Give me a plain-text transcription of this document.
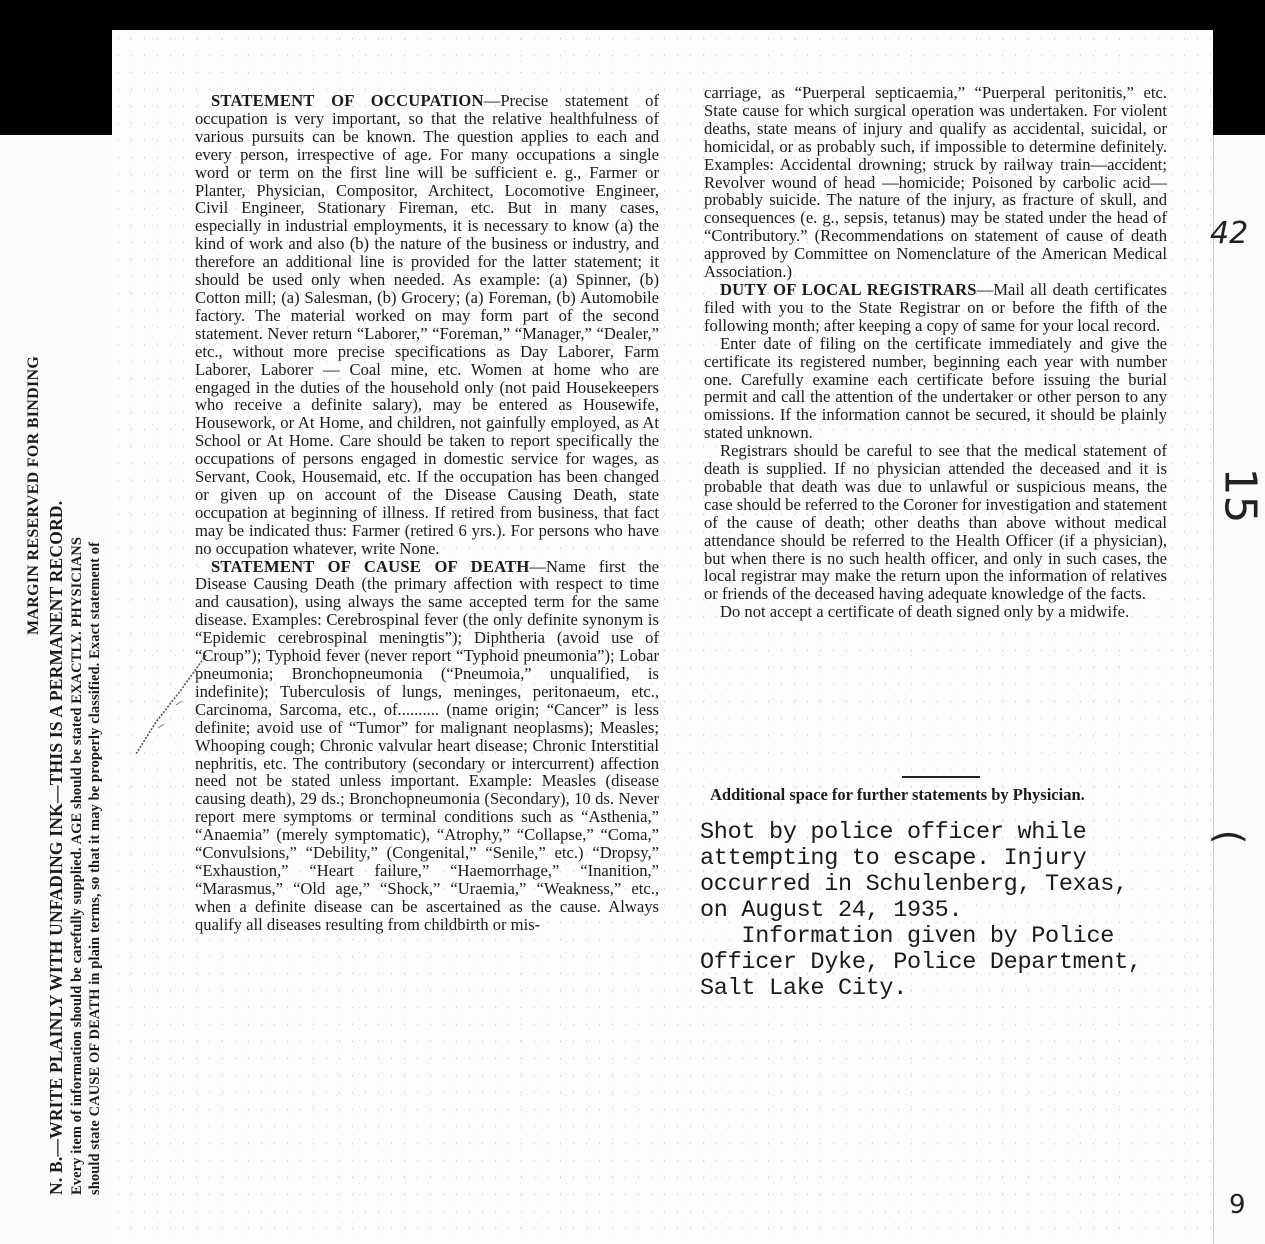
MARGIN RESERVED FOR BINDING
N. B.—WRITE PLAINLY WITH UNFADING INK—THIS IS A PERMANENT RECORD. Every item of information should be carefully supplied. AGE should be stated EXACTLY. PHYSICIANS should state CAUSE OF DEATH in plain terms, so that it may be properly classified. Exact statement of

STATEMENT OF OCCUPATION—Precise statement of occupation is very important, so that the relative healthfulness of various pursuits can be known. The question applies to each and every person, irrespective of age. For many occupations a single word or term on the first line will be sufficient e. g., Farmer or Planter, Physician, Compositor, Architect, Locomotive Engineer, Civil Engineer, Stationary Fireman, etc. But in many cases, especially in industrial employments, it is necessary to know (a) the kind of work and also (b) the nature of the business or industry, and therefore an additional line is provided for the latter statement; it should be used only when needed. As example: (a) Spinner, (b) Cotton mill; (a) Salesman, (b) Grocery; (a) Foreman, (b) Automobile factory. The material worked on may form part of the second statement. Never return “Laborer,” “Foreman,” “Manager,” “Dealer,” etc., without more precise specifications as Day Laborer, Farm Laborer, Laborer — Coal mine, etc. Women at home who are engaged in the duties of the household only (not paid Housekeepers who receive a definite salary), may be entered as Housewife, Housework, or At Home, and children, not gainfully employed, as At School or At Home. Care should be taken to report specifically the occupations of persons engaged in domestic service for wages, as Servant, Cook, Housemaid, etc. If the occupation has been changed or given up on account of the Disease Causing Death, state occupation at beginning of illness. If retired from business, that fact may be indicated thus: Farmer (retired 6 yrs.). For persons who have no occupation whatever, write None.

STATEMENT OF CAUSE OF DEATH—Name first the Disease Causing Death (the primary affection with respect to time and causation), using always the same accepted term for the same disease. Examples: Cerebrospinal fever (the only definite synonym is “Epidemic cerebrospinal meningtis”); Diphtheria (avoid use of “Croup”); Typhoid fever (never report “Typhoid pneumonia”); Lobar pneumonia; Bronchopneumonia (“Pneumoia,” unqualified, is indefinite); Tuberculosis of lungs, meninges, peritonaeum, etc., Carcinoma, Sarcoma, etc., of.......... (name origin; “Cancer” is less definite; avoid use of “Tumor” for malignant neoplasms); Measles; Whooping cough; Chronic valvular heart disease; Chronic Interstitial nephritis, etc. The contributory (secondary or intercurrent) affection need not be stated unless important. Example: Measles (disease causing death), 29 ds.; Bronchopneumonia (Secondary), 10 ds. Never report mere symptoms or terminal conditions such as “Asthenia,” “Anaemia” (merely symptomatic), “Atrophy,” “Collapse,” “Coma,” “Convulsions,” “Debility,” (Congenital,” “Senile,” etc.) “Dropsy,” “Exhaustion,” “Heart failure,” “Haemorrhage,” “Inanition,” “Marasmus,” “Old age,” “Shock,” “Uraemia,” “Weakness,” etc., when a definite disease can be ascertained as the cause. Always qualify all diseases resulting from childbirth or mis-

carriage, as “Puerperal septicaemia,” “Puerperal peritonitis,” etc. State cause for which surgical operation was undertaken. For violent deaths, state means of injury and qualify as accidental, suicidal, or homicidal, or as probably such, if impossible to determine definitely. Examples: Accidental drowning; struck by railway train—accident; Revolver wound of head —homicide; Poisoned by carbolic acid—probably suicide. The nature of the injury, as fracture of skull, and consequences (e. g., sepsis, tetanus) may be stated under the head of “Contributory.” (Recommendations on statement of cause of death approved by Committee on Nomenclature of the American Medical Association.)

DUTY OF LOCAL REGISTRARS—Mail all death certificates filed with you to the State Registrar on or before the fifth of the following month; after keeping a copy of same for your local record.

Enter date of filing on the certificate immediately and give the certificate its registered number, beginning each year with number one. Carefully examine each certificate before issuing the burial permit and call the attention of the undertaker or other person to any omissions. If the information cannot be secured, it should be plainly stated unknown.

Registrars should be careful to see that the medical statement of death is supplied. If no physician attended the deceased and it is probable that death was due to unlawful or suspicious means, the case should be referred to the Coroner for investigation and statement of the cause of death; other deaths than above without medical attendance should be referred to the Health Officer (if a physician), but when there is no such health officer, and only in such cases, the local registrar may make the return upon the information of relatives or friends of the deceased having adequate knowledge of the facts.

Do not accept a certificate of death signed only by a midwife.

Additional space for further statements by Physician.

Shot by police officer while

attempting to escape. Injury

occurred in Schulenberg, Texas,

on August 24, 1935.

Information given by Police

Officer Dyke, Police Department,

Salt Lake City.

42
15
(
9
